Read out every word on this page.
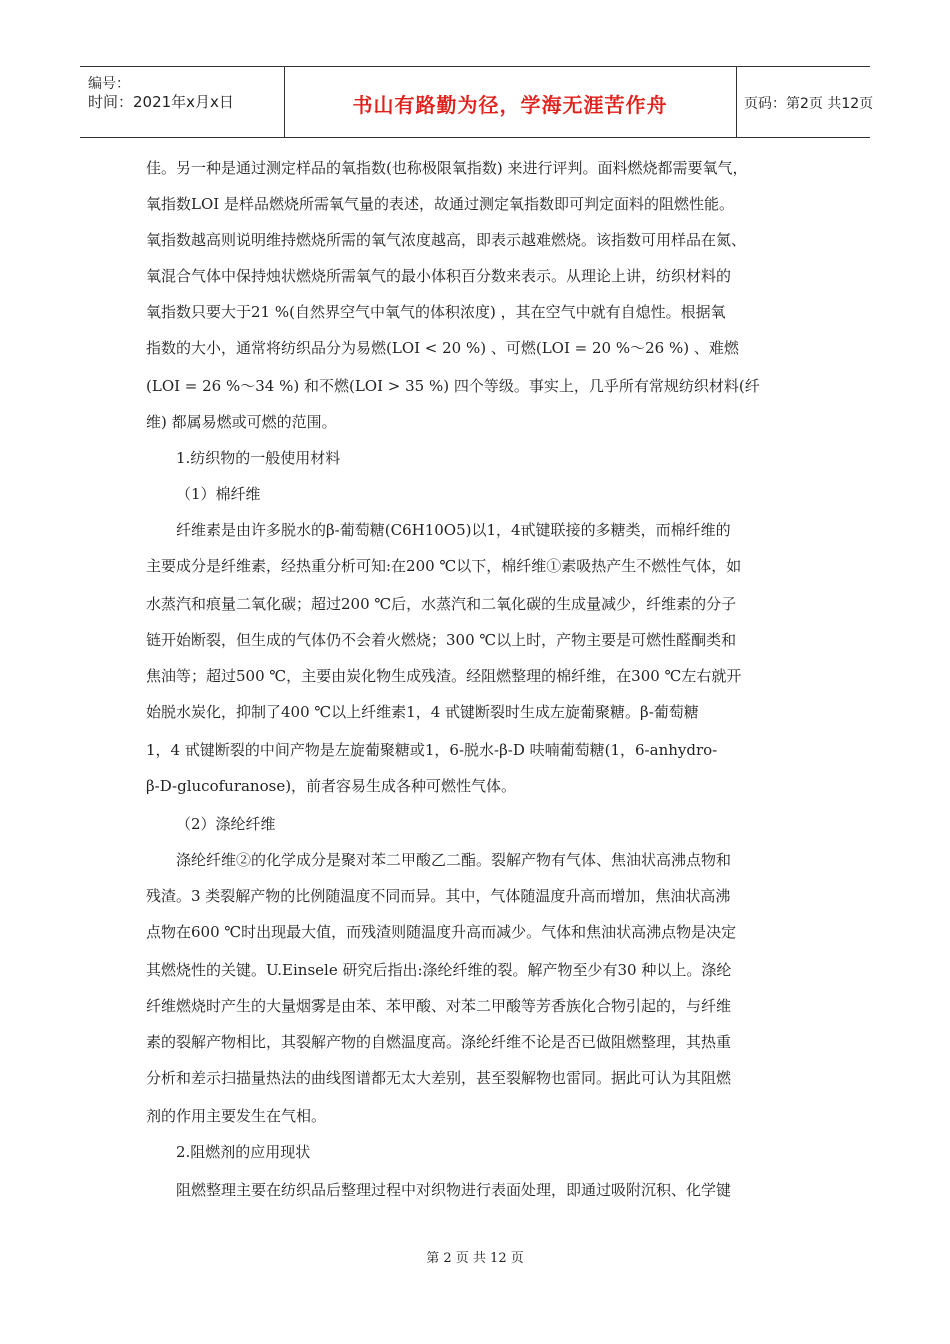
编号：
时间：2021年x月x日	书山有路勤为径，学海无涯苦作舟	页码：第2页 共12页
佳。另一种是通过测定样品的氧指数(也称极限氧指数) 来进行评判。面料燃烧都需要氧气，
氧指数LOI 是样品燃烧所需氧气量的表述，故通过测定氧指数即可判定面料的阻燃性能。
氧指数越高则说明维持燃烧所需的氧气浓度越高，即表示越难燃烧。该指数可用样品在氮、
氧混合气体中保持烛状燃烧所需氧气的最小体积百分数来表示。从理论上讲，纺织材料的
氧指数只要大于21 %(自然界空气中氧气的体积浓度) ，其在空气中就有自熄性。根据氧
指数的大小，通常将纺织品分为易燃(LOI < 20 %) 、可燃(LOI = 20 %～26 %) 、难燃
(LOI = 26 %～34 %) 和不燃(LOI > 35 %) 四个等级。事实上，几乎所有常规纺织材料(纤
维) 都属易燃或可燃的范围。
1.纺织物的一般使用材料
（1）棉纤维
纤维素是由许多脱水的β-葡萄糖(C6H10O5)以1，4甙键联接的多糖类，而棉纤维的
主要成分是纤维素，经热重分析可知:在200 ℃以下，棉纤维①素吸热产生不燃性气体，如
水蒸汽和痕量二氧化碳；超过200 ℃后，水蒸汽和二氧化碳的生成量减少，纤维素的分子
链开始断裂，但生成的气体仍不会着火燃烧；300 ℃以上时，产物主要是可燃性醛酮类和
焦油等；超过500 ℃，主要由炭化物生成残渣。经阻燃整理的棉纤维，在300 ℃左右就开
始脱水炭化，抑制了400 ℃以上纤维素1，4 甙键断裂时生成左旋葡聚糖。β-葡萄糖
1，4 甙键断裂的中间产物是左旋葡聚糖或1，6-脱水-β-D 呋喃葡萄糖(1，6-anhydro-
β-D-glucofuranose)，前者容易生成各种可燃性气体。
（2）涤纶纤维
涤纶纤维②的化学成分是聚对苯二甲酸乙二酯。裂解产物有气体、焦油状高沸点物和
残渣。3 类裂解产物的比例随温度不同而异。其中，气体随温度升高而增加，焦油状高沸
点物在600 ℃时出现最大值，而残渣则随温度升高而减少。气体和焦油状高沸点物是决定
其燃烧性的关键。U.Einsele 研究后指出:涤纶纤维的裂。解产物至少有30 种以上。涤纶
纤维燃烧时产生的大量烟雾是由苯、苯甲酸、对苯二甲酸等芳香族化合物引起的，与纤维
素的裂解产物相比，其裂解产物的自燃温度高。涤纶纤维不论是否已做阻燃整理，其热重
分析和差示扫描量热法的曲线图谱都无太大差别，甚至裂解物也雷同。据此可认为其阻燃
剂的作用主要发生在气相。
2.阻燃剂的应用现状
阻燃整理主要在纺织品后整理过程中对织物进行表面处理，即通过吸附沉积、化学键
第 2 页 共 12 页
